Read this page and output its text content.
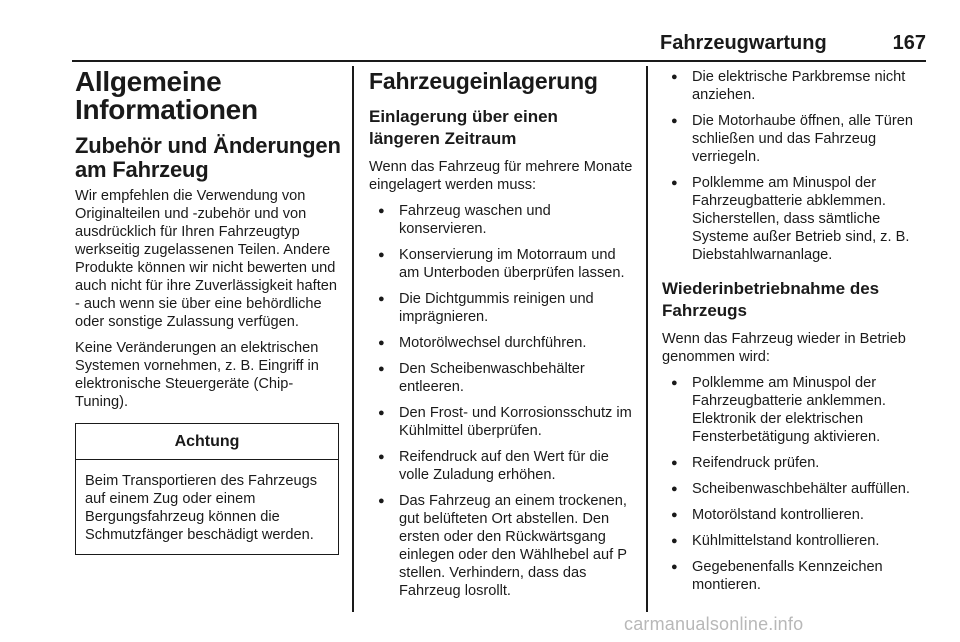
Fahrzeugwartung	167
Allgemeine Informationen
Zubehör und Änderungen am Fahrzeug

Wir empfehlen die Verwendung von Originalteilen und -zubehör und von ausdrücklich für Ihren Fahrzeugtyp werkseitig zugelassenen Teilen. Andere Produkte können wir nicht bewerten und auch nicht für ihre Zuverlässigkeit haften - auch wenn sie über eine behördliche oder sonstige Zulassung verfügen.

Keine Veränderungen an elektrischen Systemen vornehmen, z. B. Eingriff in elektronische Steuergeräte (Chip-Tuning).

Achtung

Beim Transportieren des Fahrzeugs auf einem Zug oder einem Bergungsfahrzeug können die Schmutzfänger beschädigt werden.

Fahrzeugeinlagerung
Einlagerung über einen längeren Zeitraum

Wenn das Fahrzeug für mehrere Monate eingelagert werden muss:

● Fahrzeug waschen und konservieren.
● Konservierung im Motorraum und am Unterboden überprüfen lassen.
● Die Dichtgummis reinigen und imprägnieren.
● Motorölwechsel durchführen.
● Den Scheibenwaschbehälter entleeren.
● Den Frost- und Korrosionsschutz im Kühlmittel überprüfen.
● Reifendruck auf den Wert für die volle Zuladung erhöhen.
● Das Fahrzeug an einem trockenen, gut belüfteten Ort abstellen. Den ersten oder den Rückwärtsgang einlegen oder den Wählhebel auf P stellen. Verhindern, dass das Fahrzeug losrollt.
● Die elektrische Parkbremse nicht anziehen.
● Die Motorhaube öffnen, alle Türen schließen und das Fahrzeug verriegeln.
● Polklemme am Minuspol der Fahrzeugbatterie abklemmen. Sicherstellen, dass sämtliche Systeme außer Betrieb sind, z. B. Diebstahlwarnanlage.
Wiederinbetriebnahme des Fahrzeugs

Wenn das Fahrzeug wieder in Betrieb genommen wird:

● Polklemme am Minuspol der Fahrzeugbatterie anklemmen. Elektronik der elektrischen Fensterbetätigung aktivieren.
● Reifendruck prüfen.
● Scheibenwaschbehälter auffüllen.
● Motorölstand kontrollieren.
● Kühlmittelstand kontrollieren.
● Gegebenenfalls Kennzeichen montieren.
carmanualsonline.info
